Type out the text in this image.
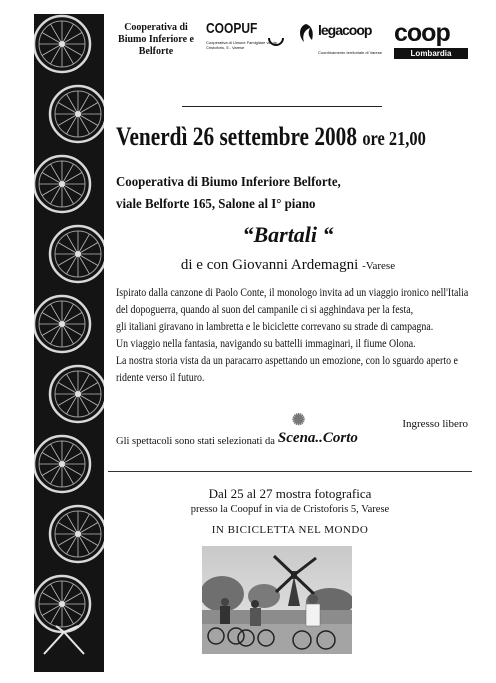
Cooperativa di
Biumo Inferiore e
Belforte
COOPUF
Cooperativa di Unione Famigliare via de Cristoforis, 5 - Varese
legacoop
Coordinamento territoriale di Varese
coop
Lombardia
Venerdì 26 settembre 2008 ore 21,00
Cooperativa di Biumo Inferiore Belforte,
viale Belforte 165, Salone al I° piano
“Bartali “
di e con Giovanni Ardemagni -Varese

Ispirato dalla canzone di Paolo Conte, il monologo invita ad un viaggio ironico nell'Italia

del dopoguerra, quando al suon del campanile ci si agghindava per la festa,

gli italiani giravano in lambretta e le biciclette correvano su strade di campagna.

Un viaggio nella fantasia, navigando su battelli immaginari, il fiume Olona.

La nostra storia vista da un paracarro aspettando un emozione, con lo sguardo aperto e

ridente verso il futuro.

Ingresso libero
Gli spettacoli sono stati selezionati da
✺
Scena..Corto
Dal 25 al 27 mostra fotografica
presso la Coopuf in via de Cristoforis 5, Varese
IN BICICLETTA NEL MONDO
